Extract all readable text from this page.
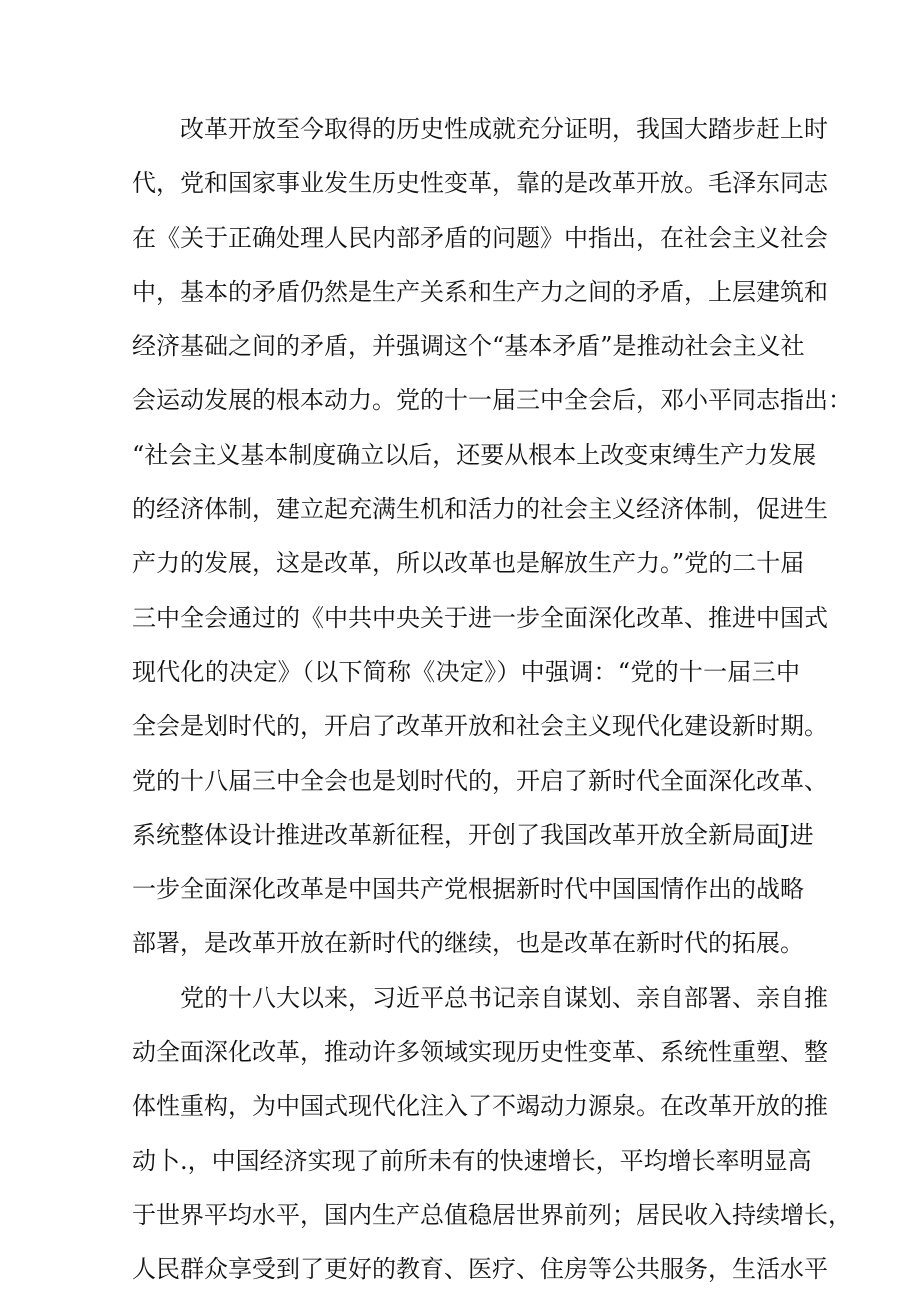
改革开放至今取得的历史性成就充分证明，我国大踏步赶上时
代，党和国家事业发生历史性变革，靠的是改革开放。毛泽东同志
在《关于正确处理人民内部矛盾的问题》中指出，在社会主义社会
中，基本的矛盾仍然是生产关系和生产力之间的矛盾，上层建筑和
经济基础之间的矛盾，并强调这个“基本矛盾”是推动社会主义社
会运动发展的根本动力。党的十一届三中全会后，邓小平同志指出：
“社会主义基本制度确立以后，还要从根本上改变束缚生产力发展
的经济体制，建立起充满生机和活力的社会主义经济体制，促进生
产力的发展，这是改革，所以改革也是解放生产力。”党的二十届
三中全会通过的《中共中央关于进一步全面深化改革、推进中国式
现代化的决定》（以下简称《决定》）中强调：“党的十一届三中
全会是划时代的，开启了改革开放和社会主义现代化建设新时期。
党的十八届三中全会也是划时代的，开启了新时代全面深化改革、
系统整体设计推进改革新征程，开创了我国改革开放全新局面J进
一步全面深化改革是中国共产党根据新时代中国国情作出的战略
部署，是改革开放在新时代的继续，也是改革在新时代的拓展。
党的十八大以来，习近平总书记亲自谋划、亲自部署、亲自推
动全面深化改革，推动许多领域实现历史性变革、系统性重塑、整
体性重构，为中国式现代化注入了不竭动力源泉。在改革开放的推
动卜.，中国经济实现了前所未有的快速增长，平均增长率明显高
于世界平均水平，国内生产总值稳居世界前列；居民收入持续增长，
人民群众享受到了更好的教育、医疗、住房等公共服务，生活水平
